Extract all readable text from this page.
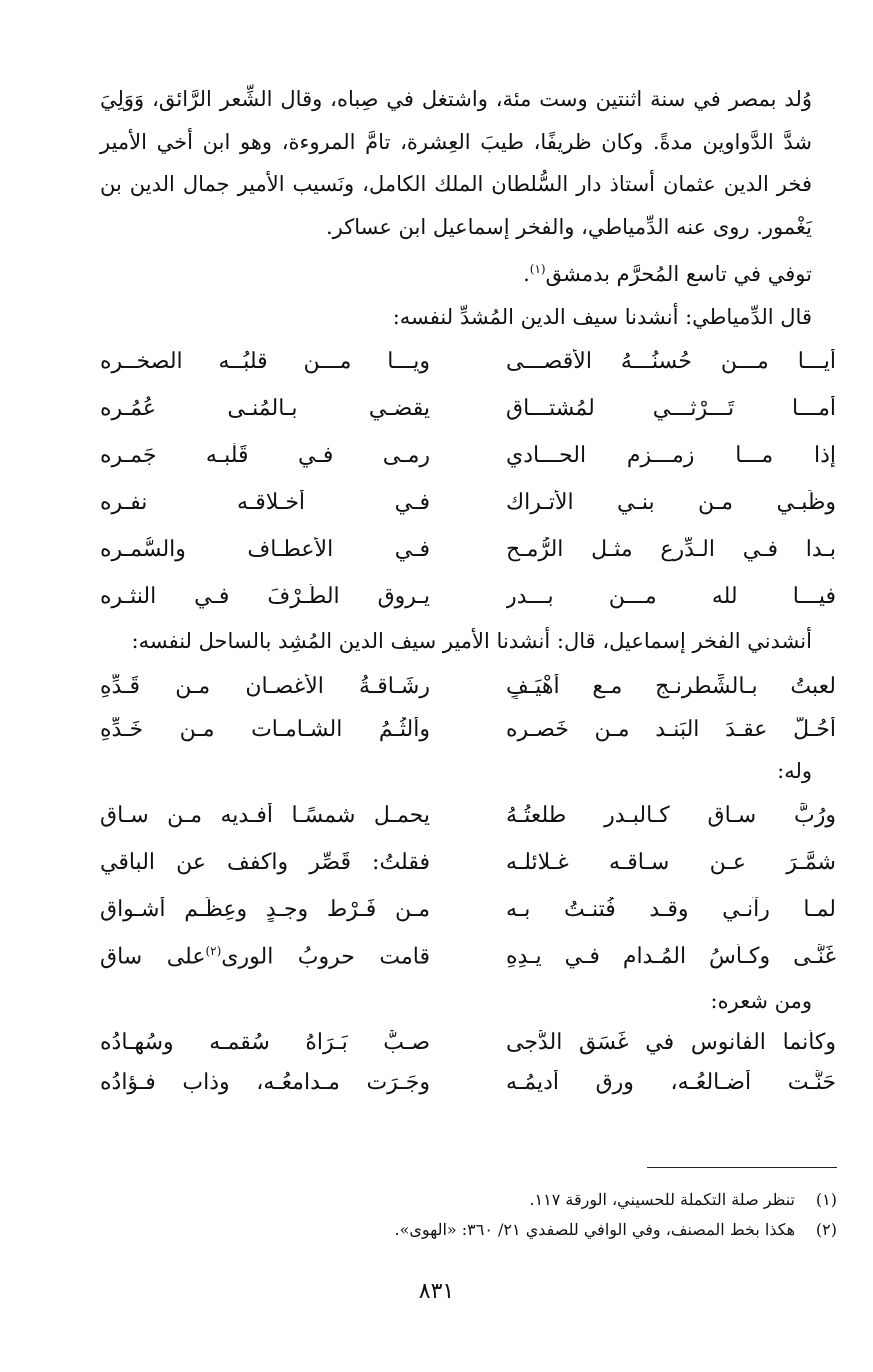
وُلد بمصر في سنة اثنتين وست مئة، واشتغل في صِباه، وقال الشِّعر الرَّائق، وَوَلِيَ شدَّ الدَّواوين مدةً. وكان ظريفًا، طيبَ العِشرة، تامَّ المروءة، وهو ابن أخي الأمير فخر الدين عثمان أستاذ دار السُّلطان الملك الكامل، ونَسيب الأمير جمال الدين بن يَغْمور. روى عنه الدِّمياطي، والفخر إسماعيل ابن عساكر.

توفي في تاسع المُحرَّم بدمشق$^{(١)}$.

قال الدِّمياطي: أنشدنا سيف الدين المُشدِّ لنفسه:

أيـــا مـــن حُسنُـــهُ الأقصـــى
ويـــا مـــن قلبُــه الصخــره
أمـــا تَـــرْثـــي لمُشتـــاقٍ
يقضـي بـالمُنـى عُمُـره
إذا مـــا زمـــزم الحـــادي
رمـى فـي قَلْبـه جَمـره
وظَبـيٍ مـن بنـي الأتـراك
فـي أخـلاقـه نفـره
بـدا فـي الـدِّرع مثـل الرُّمـح
فـي الأعطـاف والسُّمـره
فيـــا لله مـــن بـــدرٍ
يـروق الطَّـرْفَ فـي النثـره

أنشدني الفخر إسماعيل، قال: أنشدنا الأمير سيف الدين المُشِد بالساحل لنفسه:

لعبتُ بـالشِّطرنـج مـع أهْيَـفٍ
رشَـاقـةُ الأغصـان مـن قَـدِّهِ
أحُـلُّ عقـدَ البَنـد مـن خَصـره
وألثُـمُ الشـامـات مـن خَـدِّهِ

وله:

ورُبَّ سـاقٍ كـالبـدرِ طلعتُـهُ
يحمـل شمسًـا أفـديه مـن سـاقِ
شمَّـرَ عـن سـاقـه غـلائلـه
فقلتُ: قَصِّر واكفف عن الباقي
لمـا رآنـي وقـد فُتنـتُ بـه
مـن فَـرْط وجـدٍ وعِظَـم أشـواقِ
غَنَّـى وكـأسُ المُـدام فـي يـدِهِ
قامت حروبُ الورى$^{(٢)}$على ساقِ

ومن شعره:

وكأنما الفانوس في غَسَق الدُّجى
صـبٌّ بَـرَاهُ سُقمـه وسُهـادُه
حَنَّـت أضـالعُـه، ورق أديمُـه
وجَـرَت مـدامعُـه، وذاب فـؤادُه
(١)
تنظر صلة التكملة للحسيني، الورقة ١١٧.
(٢)
هكذا بخط المصنف، وفي الوافي للصفدي ٢١/ ٣٦٠: «الهوى».
٨٣١
